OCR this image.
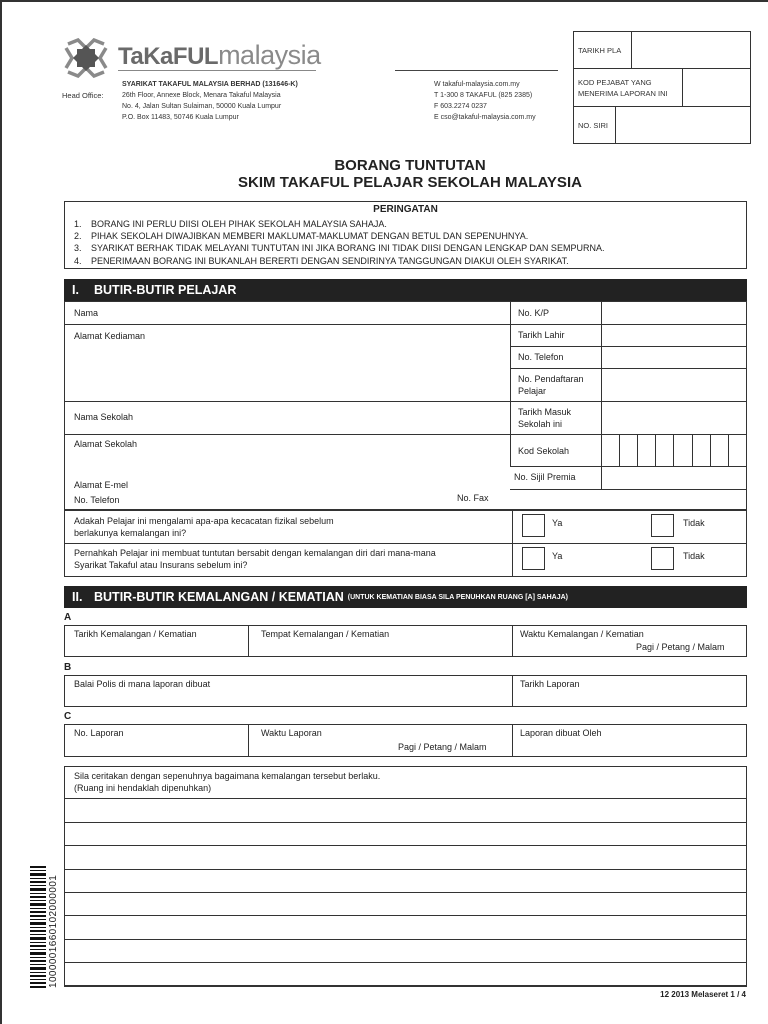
TaKaFULmalaysia
Head Office:
SYARIKAT TAKAFUL MALAYSIA BERHAD (131646-K)
26th Floor, Annexe Block, Menara Takaful Malaysia
No. 4, Jalan Sultan Sulaiman, 50000 Kuala Lumpur
P.O. Box 11483, 50746 Kuala Lumpur
W takaful-malaysia.com.my
T 1-300 8 TAKAFUL (825 2385)
F 603.2274 0237
E cso@takaful-malaysia.com.my
TARIKH PLA
KOD PEJABAT YANG
MENERIMA LAPORAN INI
NO. SIRI
BORANG TUNTUTAN
SKIM TAKAFUL PELAJAR SEKOLAH MALAYSIA
PERINGATAN
1. BORANG INI PERLU DIISI OLEH PIHAK SEKOLAH MALAYSIA SAHAJA.
2. PIHAK SEKOLAH DIWAJIBKAN MEMBERI MAKLUMAT-MAKLUMAT DENGAN BETUL DAN SEPENUHNYA.
3. SYARIKAT BERHAK TIDAK MELAYANI TUNTUTAN INI JIKA BORANG INI TIDAK DIISI DENGAN LENGKAP DAN SEMPURNA.
4. PENERIMAAN BORANG INI BUKANLAH BERERTI DENGAN SENDIRINYA TANGGUNGAN DIAKUI OLEH SYARIKAT.
I.	BUTIR-BUTIR PELAJAR
Nama	No. K/P
Alamat Kediaman	Tarikh Lahir
No. Telefon
No. Pendaftaran
Pelajar
Nama Sekolah	Tarikh Masuk
Sekolah ini
Alamat Sekolah
Kod Sekolah
No. Sijil Premia
Alamat E-mel
No. Telefon	No. Fax
Adakah Pelajar ini mengalami apa-apa kecacatan fizikal sebelum
berlakunya kemalangan ini?
Ya	Tidak
Pernahkah Pelajar ini membuat tuntutan bersabit dengan kemalangan diri dari mana-mana
Syarikat Takaful atau Insurans sebelum ini?
Ya	Tidak
II. BUTIR-BUTIR KEMALANGAN / KEMATIAN (UNTUK KEMATIAN BIASA SILA PENUHKAN RUANG [A] SAHAJA)
A
Tarikh Kemalangan / Kematian	Tempat Kemalangan / Kematian	Waktu Kemalangan / Kematian
Pagi / Petang / Malam
B
Balai Polis di mana laporan dibuat	Tarikh Laporan
C
No. Laporan	Waktu Laporan
Pagi / Petang / Malam
Laporan dibuat Oleh
Sila ceritakan dengan sepenuhnya bagaimana kemalangan tersebut berlaku.
(Ruang ini hendaklah dipenuhkan)
1000001660102000001
12 2013 Melaseret 1 / 4
